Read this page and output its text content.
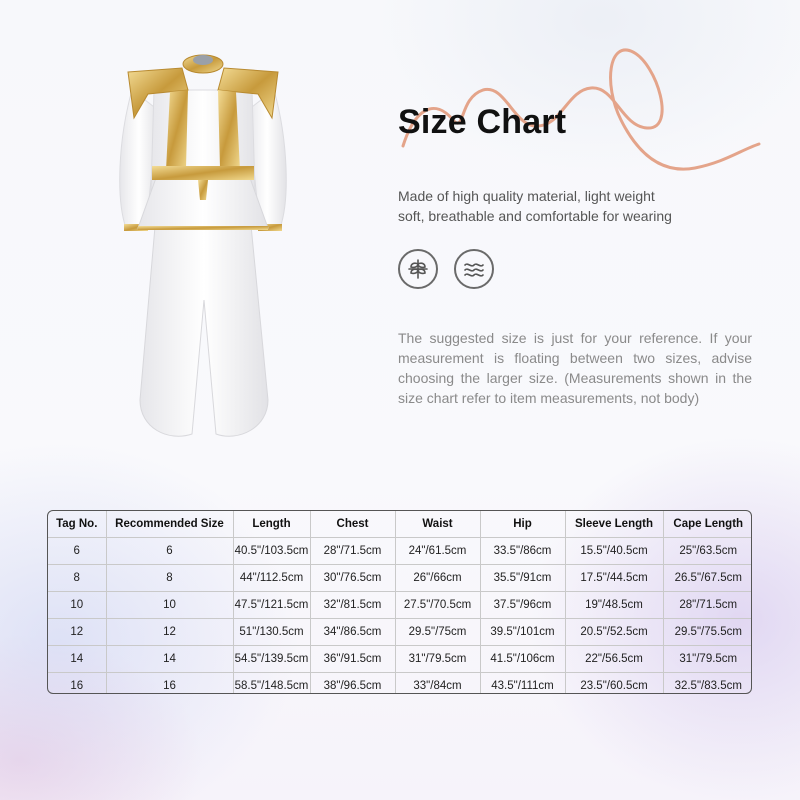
Size Chart
Made of high quality material, light weight
soft, breathable and comfortable for wearing
The suggested size is just for your reference. If your measurement is floating between two sizes, advise choosing the larger size. (Measurements shown in the size chart refer to item measurements, not body)
Tag No.	Recommended Size	Length	Chest	Waist	Hip	Sleeve Length	Cape Length
6	6	40.5"/103.5cm	28"/71.5cm	24"/61.5cm	33.5"/86cm	15.5"/40.5cm	25"/63.5cm
8	8	44"/112.5cm	30"/76.5cm	26"/66cm	35.5"/91cm	17.5"/44.5cm	26.5"/67.5cm
10	10	47.5"/121.5cm	32"/81.5cm	27.5"/70.5cm	37.5"/96cm	19"/48.5cm	28"/71.5cm
12	12	51"/130.5cm	34"/86.5cm	29.5"/75cm	39.5"/101cm	20.5"/52.5cm	29.5"/75.5cm
14	14	54.5"/139.5cm	36"/91.5cm	31"/79.5cm	41.5"/106cm	22"/56.5cm	31"/79.5cm
16	16	58.5"/148.5cm	38"/96.5cm	33"/84cm	43.5"/111cm	23.5"/60.5cm	32.5"/83.5cm
